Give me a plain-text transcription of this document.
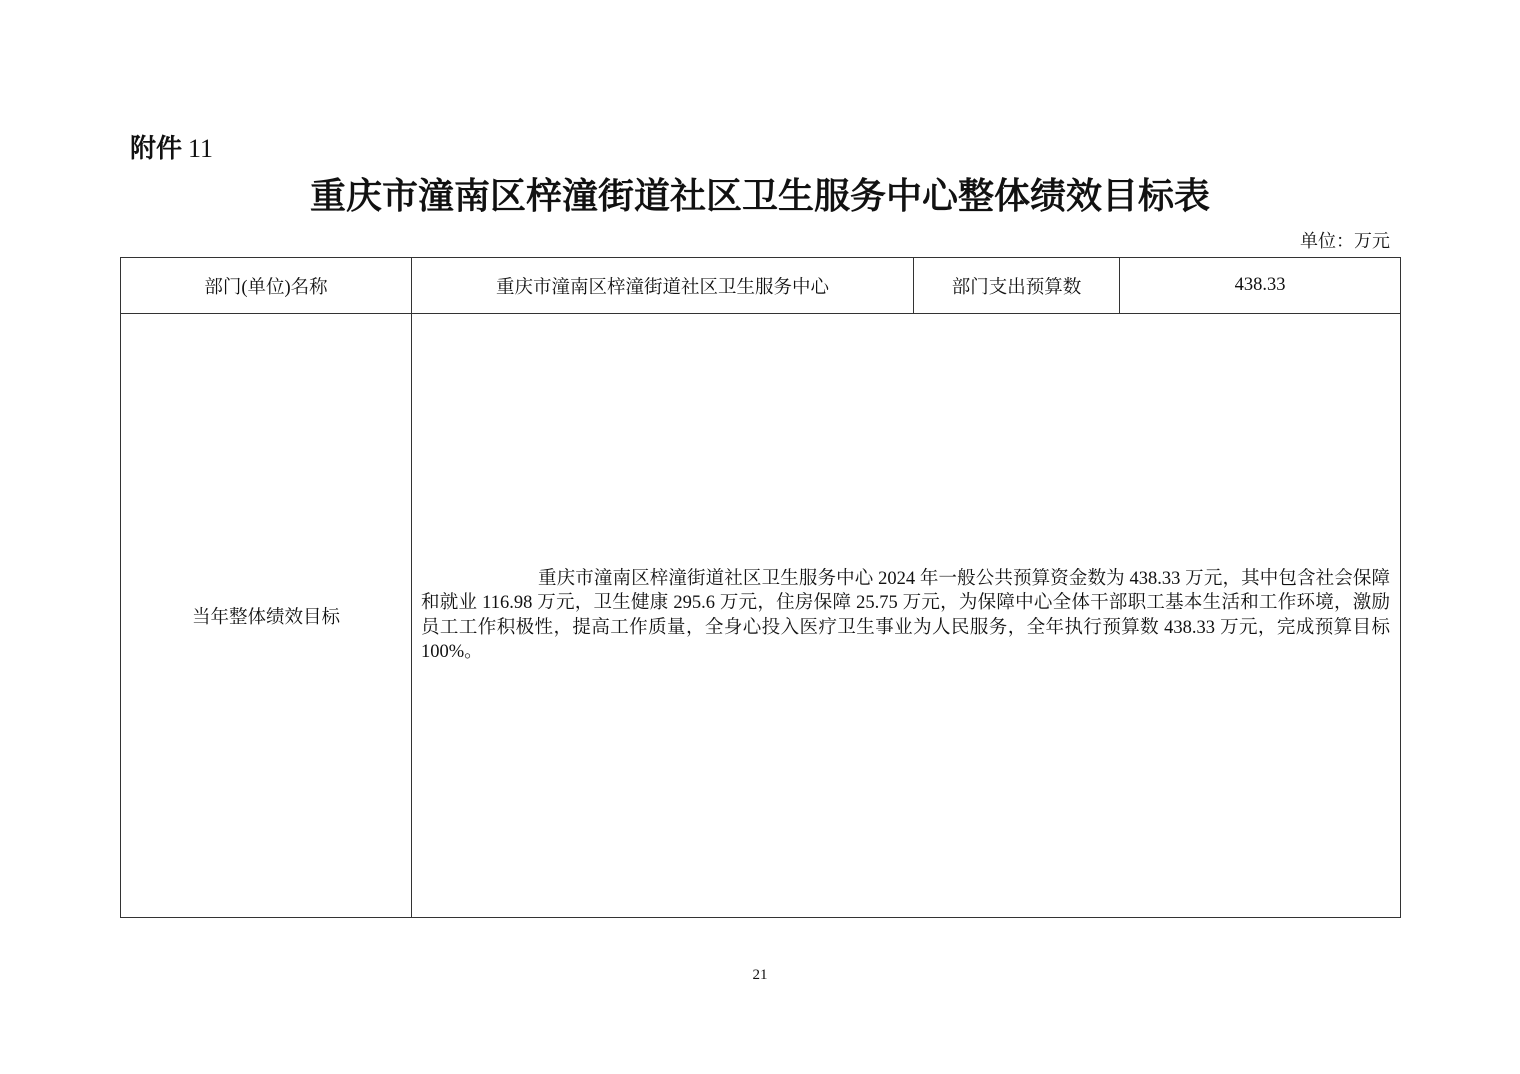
附件 11
重庆市潼南区梓潼街道社区卫生服务中心整体绩效目标表
单位：万元
部门(单位)名称	重庆市潼南区梓潼街道社区卫生服务中心	部门支出预算数	438.33
当年整体绩效目标	重庆市潼南区梓潼街道社区卫生服务中心 2024 年一般公共预算资金数为 438.33 万元，其中包含社会保障和就业 116.98 万元，卫生健康 295.6 万元，住房保障 25.75 万元，为保障中心全体干部职工基本生活和工作环境，激励员工工作积极性，提高工作质量，全身心投入医疗卫生事业为人民服务，全年执行预算数 438.33 万元，完成预算目标 100%。		
21
